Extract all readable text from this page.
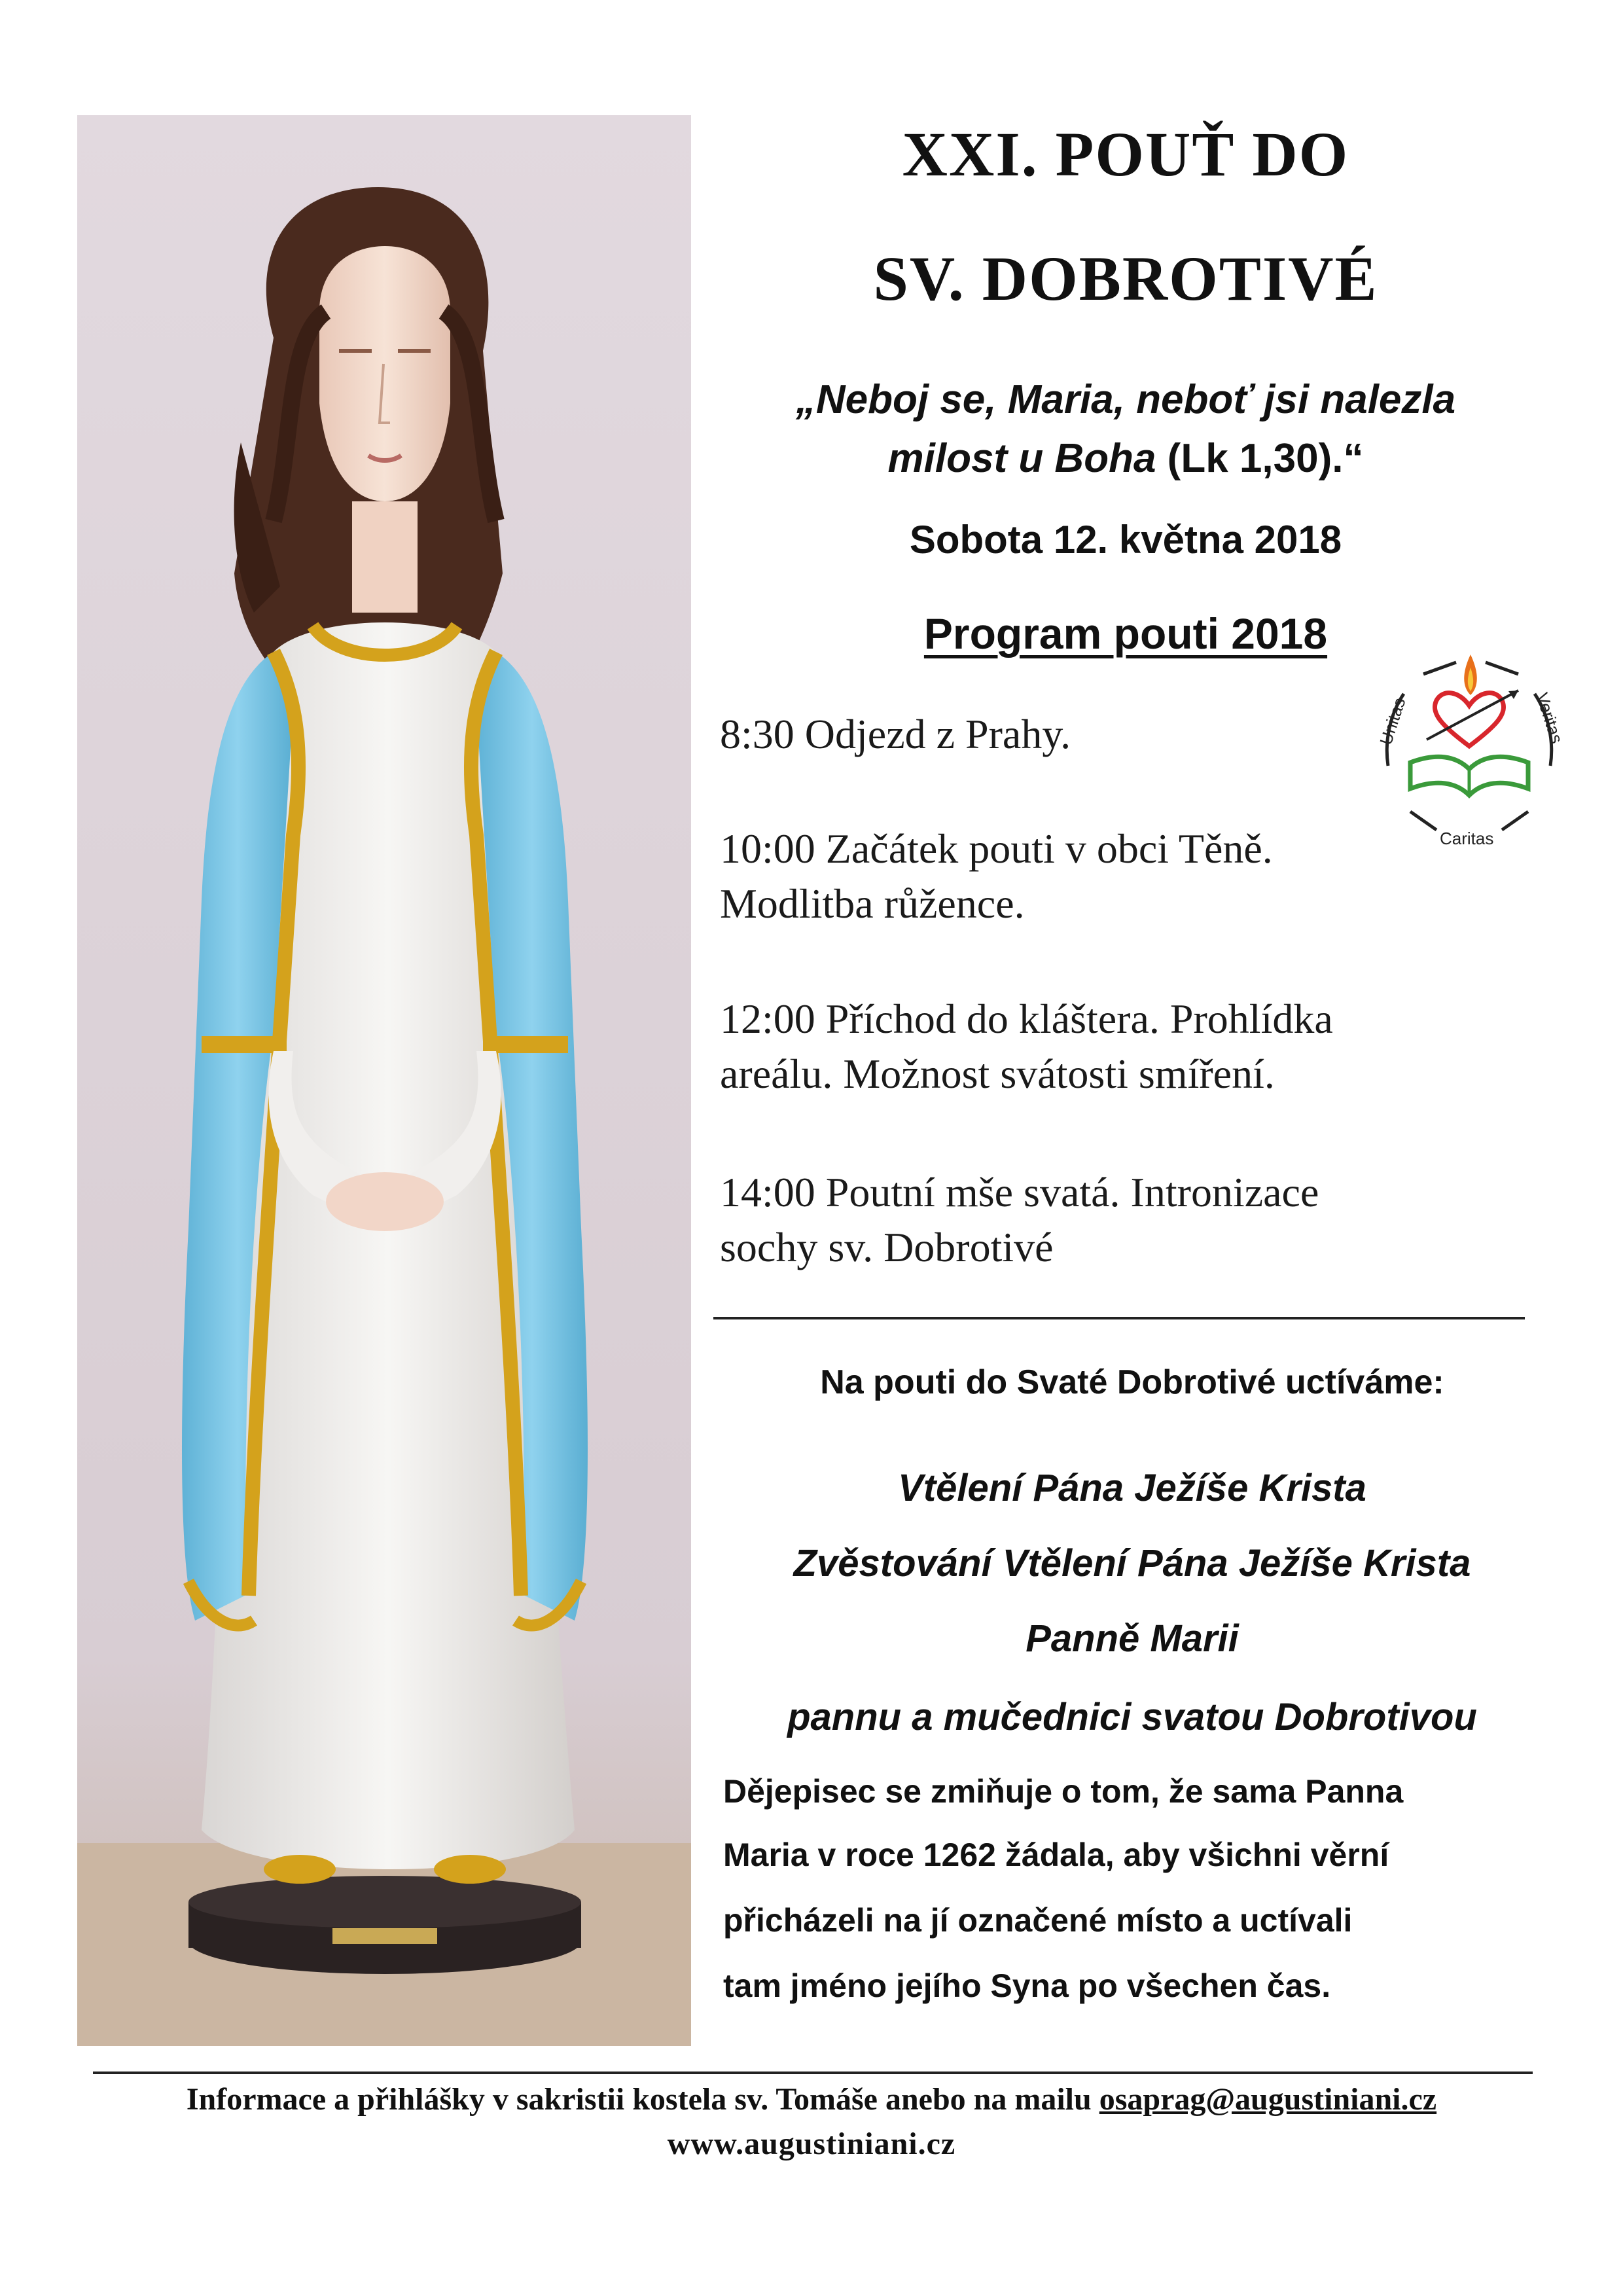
XXI. POUŤ DO
SV. DOBROTIVÉ
„Neboj se, Maria, neboť jsi nalezla
milost u Boha (Lk 1,30).“
Sobota 12. května 2018
Program pouti 2018
Unitas	Veritas
Caritas
8:30 Odjezd z Prahy.
10:00 Začátek pouti v obci Těně.
Modlitba růžence.
12:00 Příchod do kláštera. Prohlídka
areálu. Možnost svátosti smíření.
14:00 Poutní mše svatá. Intronizace
sochy sv. Dobrotivé
Na pouti do Svaté Dobrotivé uctíváme:
Vtělení Pána Ježíše Krista
Zvěstování Vtělení Pána Ježíše Krista
Panně Marii
pannu a mučednici svatou Dobrotivou
Dějepisec se zmiňuje o tom, že sama Panna
Maria v roce 1262 žádala, aby všichni věrní
přicházeli na jí označené místo a uctívali
tam jméno jejího Syna po všechen čas.
Informace a přihlášky v sakristii kostela sv. Tomáše anebo na mailu osaprag@augustiniani.cz
www.augustiniani.cz
